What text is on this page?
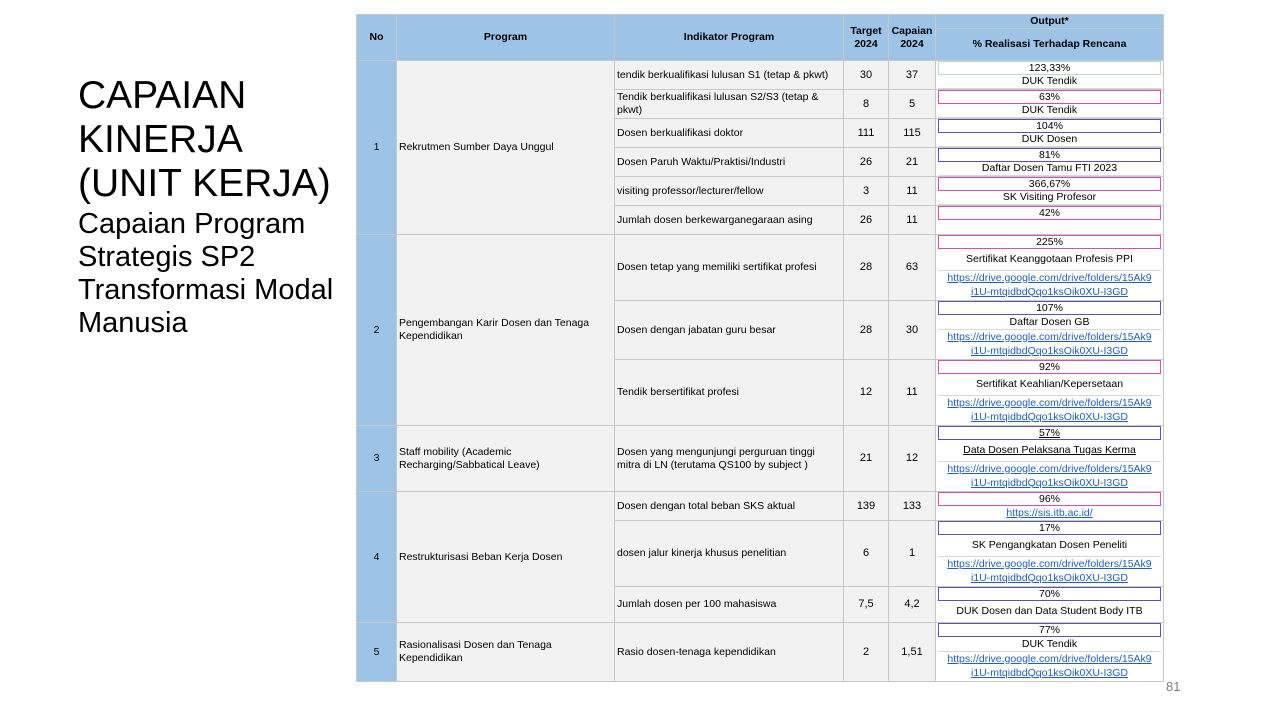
CAPAIAN KINERJA (UNIT KERJA)
Capaian Program Strategis SP2 Transformasi Modal Manusia
No	Program	Indikator Program	Target 2024	Capaian 2024	Output*
					% Realisasi Terhadap Rencana
1	Rekrutmen Sumber Daya Unggul	tendik berkualifikasi lulusan S1 (tetap & pkwt)	30	37	123,33%
DUK Tendik

		Tendik berkualifikasi lulusan S2/S3 (tetap & pkwt)	8	5	63%
DUK Tendik

		Dosen berkualifikasi doktor	111	115	104%
DUK Dosen

		Dosen Paruh Waktu/Praktisi/Industri	26	21	81%
Daftar Dosen Tamu FTI 2023

		visiting professor/lecturer/fellow	3	11	366,67%
SK Visiting Profesor

		Jumlah dosen berkewarganegaraan asing	26	11	42%

2	Pengembangan Karir Dosen dan Tenaga Kependidikan	Dosen tetap yang memiliki sertifikat profesi	28	63	225%
Sertifikat Keanggotaan Profesis PPI
https://drive.google.com/drive/folders/15Ak9
i1U-mtqidbdQqo1ksOik0XU-I3GD

		Dosen dengan jabatan guru besar	28	30	107%
Daftar Dosen GB
https://drive.google.com/drive/folders/15Ak9
i1U-mtqidbdQqo1ksOik0XU-I3GD

		Tendik bersertifikat profesi	12	11	92%
Sertifikat Keahlian/Kepersetaan
https://drive.google.com/drive/folders/15Ak9
i1U-mtqidbdQqo1ksOik0XU-I3GD

3	Staff mobility (Academic Recharging/Sabbatical Leave)	Dosen yang mengunjungi perguruan tinggi mitra di LN (terutama QS100 by subject )	21	12	57%
Data Dosen Pelaksana Tugas Kerma
https://drive.google.com/drive/folders/15Ak9
i1U-mtqidbdQqo1ksOik0XU-I3GD

4	Restrukturisasi Beban Kerja Dosen	Dosen dengan total beban SKS aktual	139	133	96%
https://sis.itb.ac.id/

		dosen jalur kinerja khusus penelitian	6	1	17%
SK Pengangkatan Dosen Peneliti
https://drive.google.com/drive/folders/15Ak9
i1U-mtqidbdQqo1ksOik0XU-I3GD

		Jumlah dosen per 100 mahasiswa	7,5	4,2	70%
DUK Dosen dan Data Student Body ITB

5	Rasionalisasi Dosen dan Tenaga Kependidikan	Rasio dosen-tenaga kependidikan	2	1,51	77%
DUK Tendik
https://drive.google.com/drive/folders/15Ak9
i1U-mtqidbdQqo1ksOik0XU-I3GD
81
